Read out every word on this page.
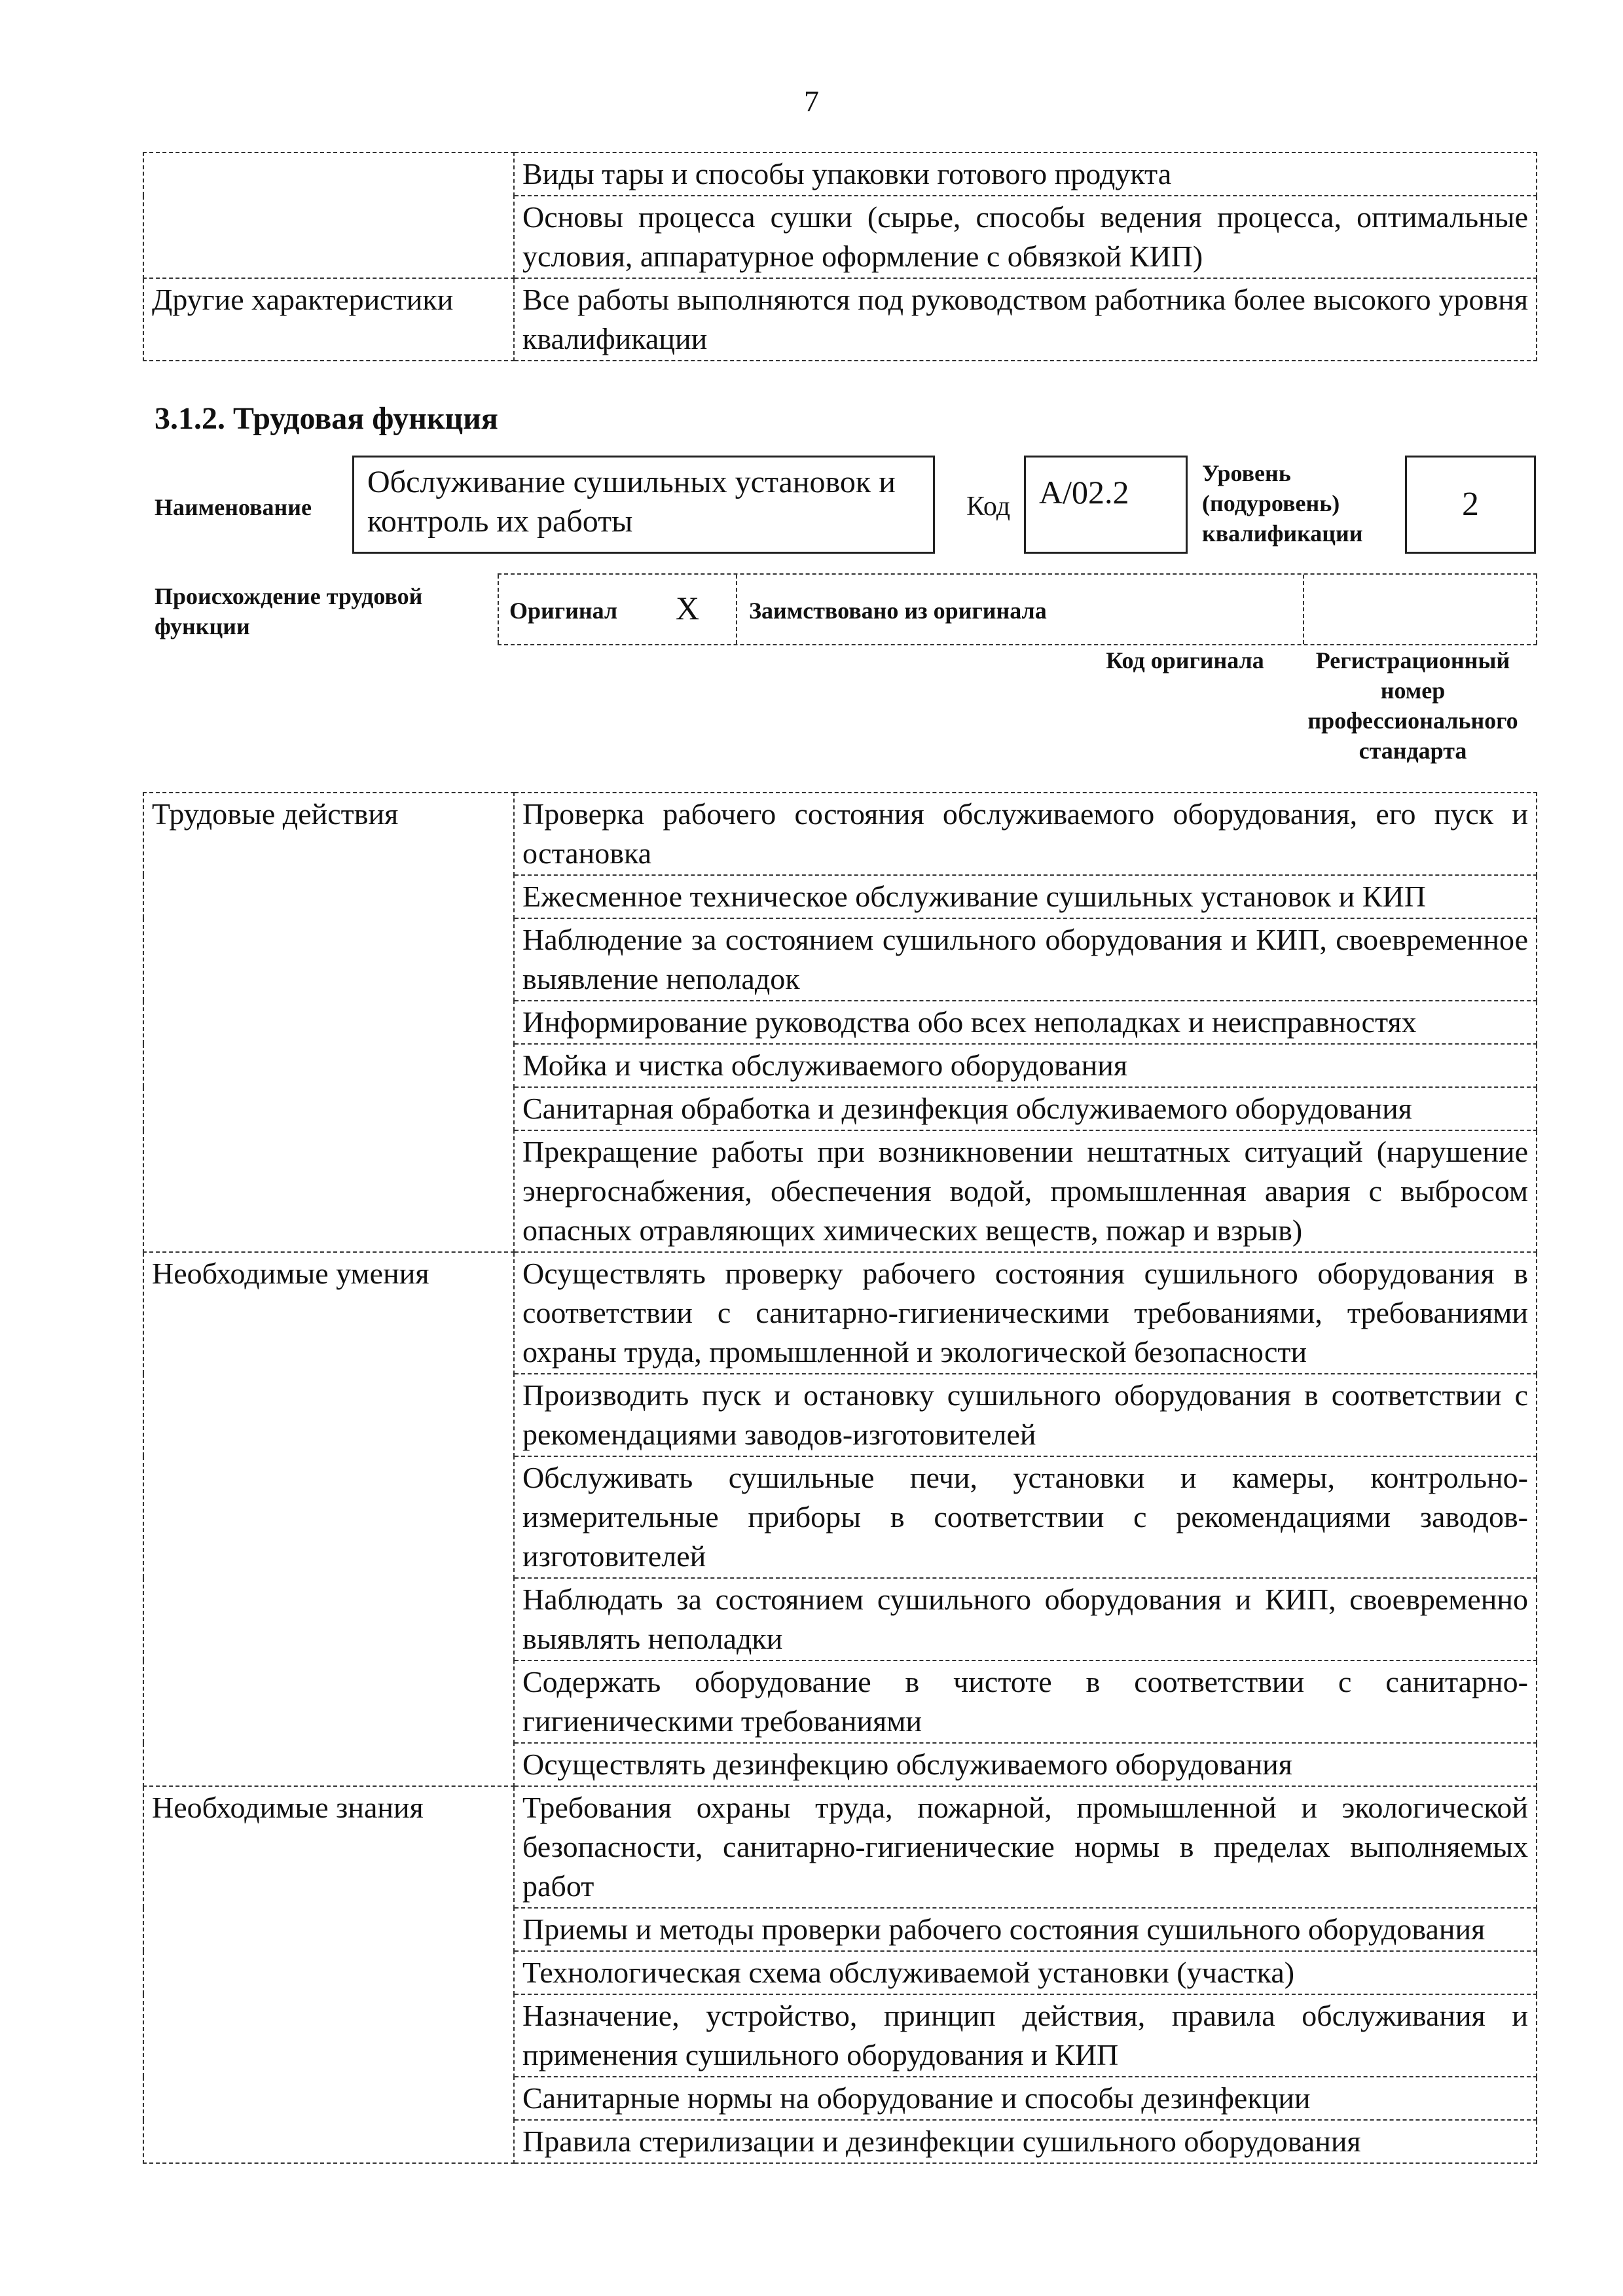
7
	Виды тары и способы упаковки готового продукта
	Основы процесса сушки (сырье, способы ведения процесса, оптимальные условия, аппаратурное оформление с обвязкой КИП)
Другие характеристики	Все работы выполняются под руководством работника более высокого уровня квалификации
3.1.2. Трудовая функция
Наименование
Обслуживание сушильных установок и контроль их работы	Код A/02.2
Уровень (подуровень) квалификации
2
Происхождение трудовой функции
Оригинал X Заимствовано из оригинала
Код оригинала	Регистрационный номер профессионального стандарта
Трудовые действия	Проверка рабочего состояния обслуживаемого оборудования, его пуск и остановка
	Ежесменное техническое обслуживание сушильных установок и КИП
	Наблюдение за состоянием сушильного оборудования и КИП, своевременное выявление неполадок
	Информирование руководства обо всех неполадках и неисправностях
	Мойка и чистка обслуживаемого оборудования
	Санитарная обработка и дезинфекция обслуживаемого оборудования
	Прекращение работы при возникновении нештатных ситуаций (нарушение энергоснабжения, обеспечения водой, промышленная авария с выбросом опасных отравляющих химических веществ, пожар и взрыв)
Необходимые умения	Осуществлять проверку рабочего состояния сушильного оборудования в соответствии с санитарно-гигиеническими требованиями, требованиями охраны труда, промышленной и экологической безопасности
	Производить пуск и остановку сушильного оборудования в соответствии с рекомендациями заводов-изготовителей
	Обслуживать сушильные печи, установки и камеры, контрольно-измерительные приборы в соответствии с рекомендациями заводов-изготовителей
	Наблюдать за состоянием сушильного оборудования и КИП, своевременно выявлять неполадки
	Содержать оборудование в чистоте в соответствии с санитарно-гигиеническими требованиями
	Осуществлять дезинфекцию обслуживаемого оборудования
Необходимые знания	Требования охраны труда, пожарной, промышленной и экологической безопасности, санитарно-гигиенические нормы в пределах выполняемых работ
	Приемы и методы проверки рабочего состояния сушильного оборудования
	Технологическая схема обслуживаемой установки (участка)
	Назначение, устройство, принцип действия, правила обслуживания и применения сушильного оборудования и КИП
	Санитарные нормы на оборудование и способы дезинфекции
	Правила стерилизации и дезинфекции сушильного оборудования
